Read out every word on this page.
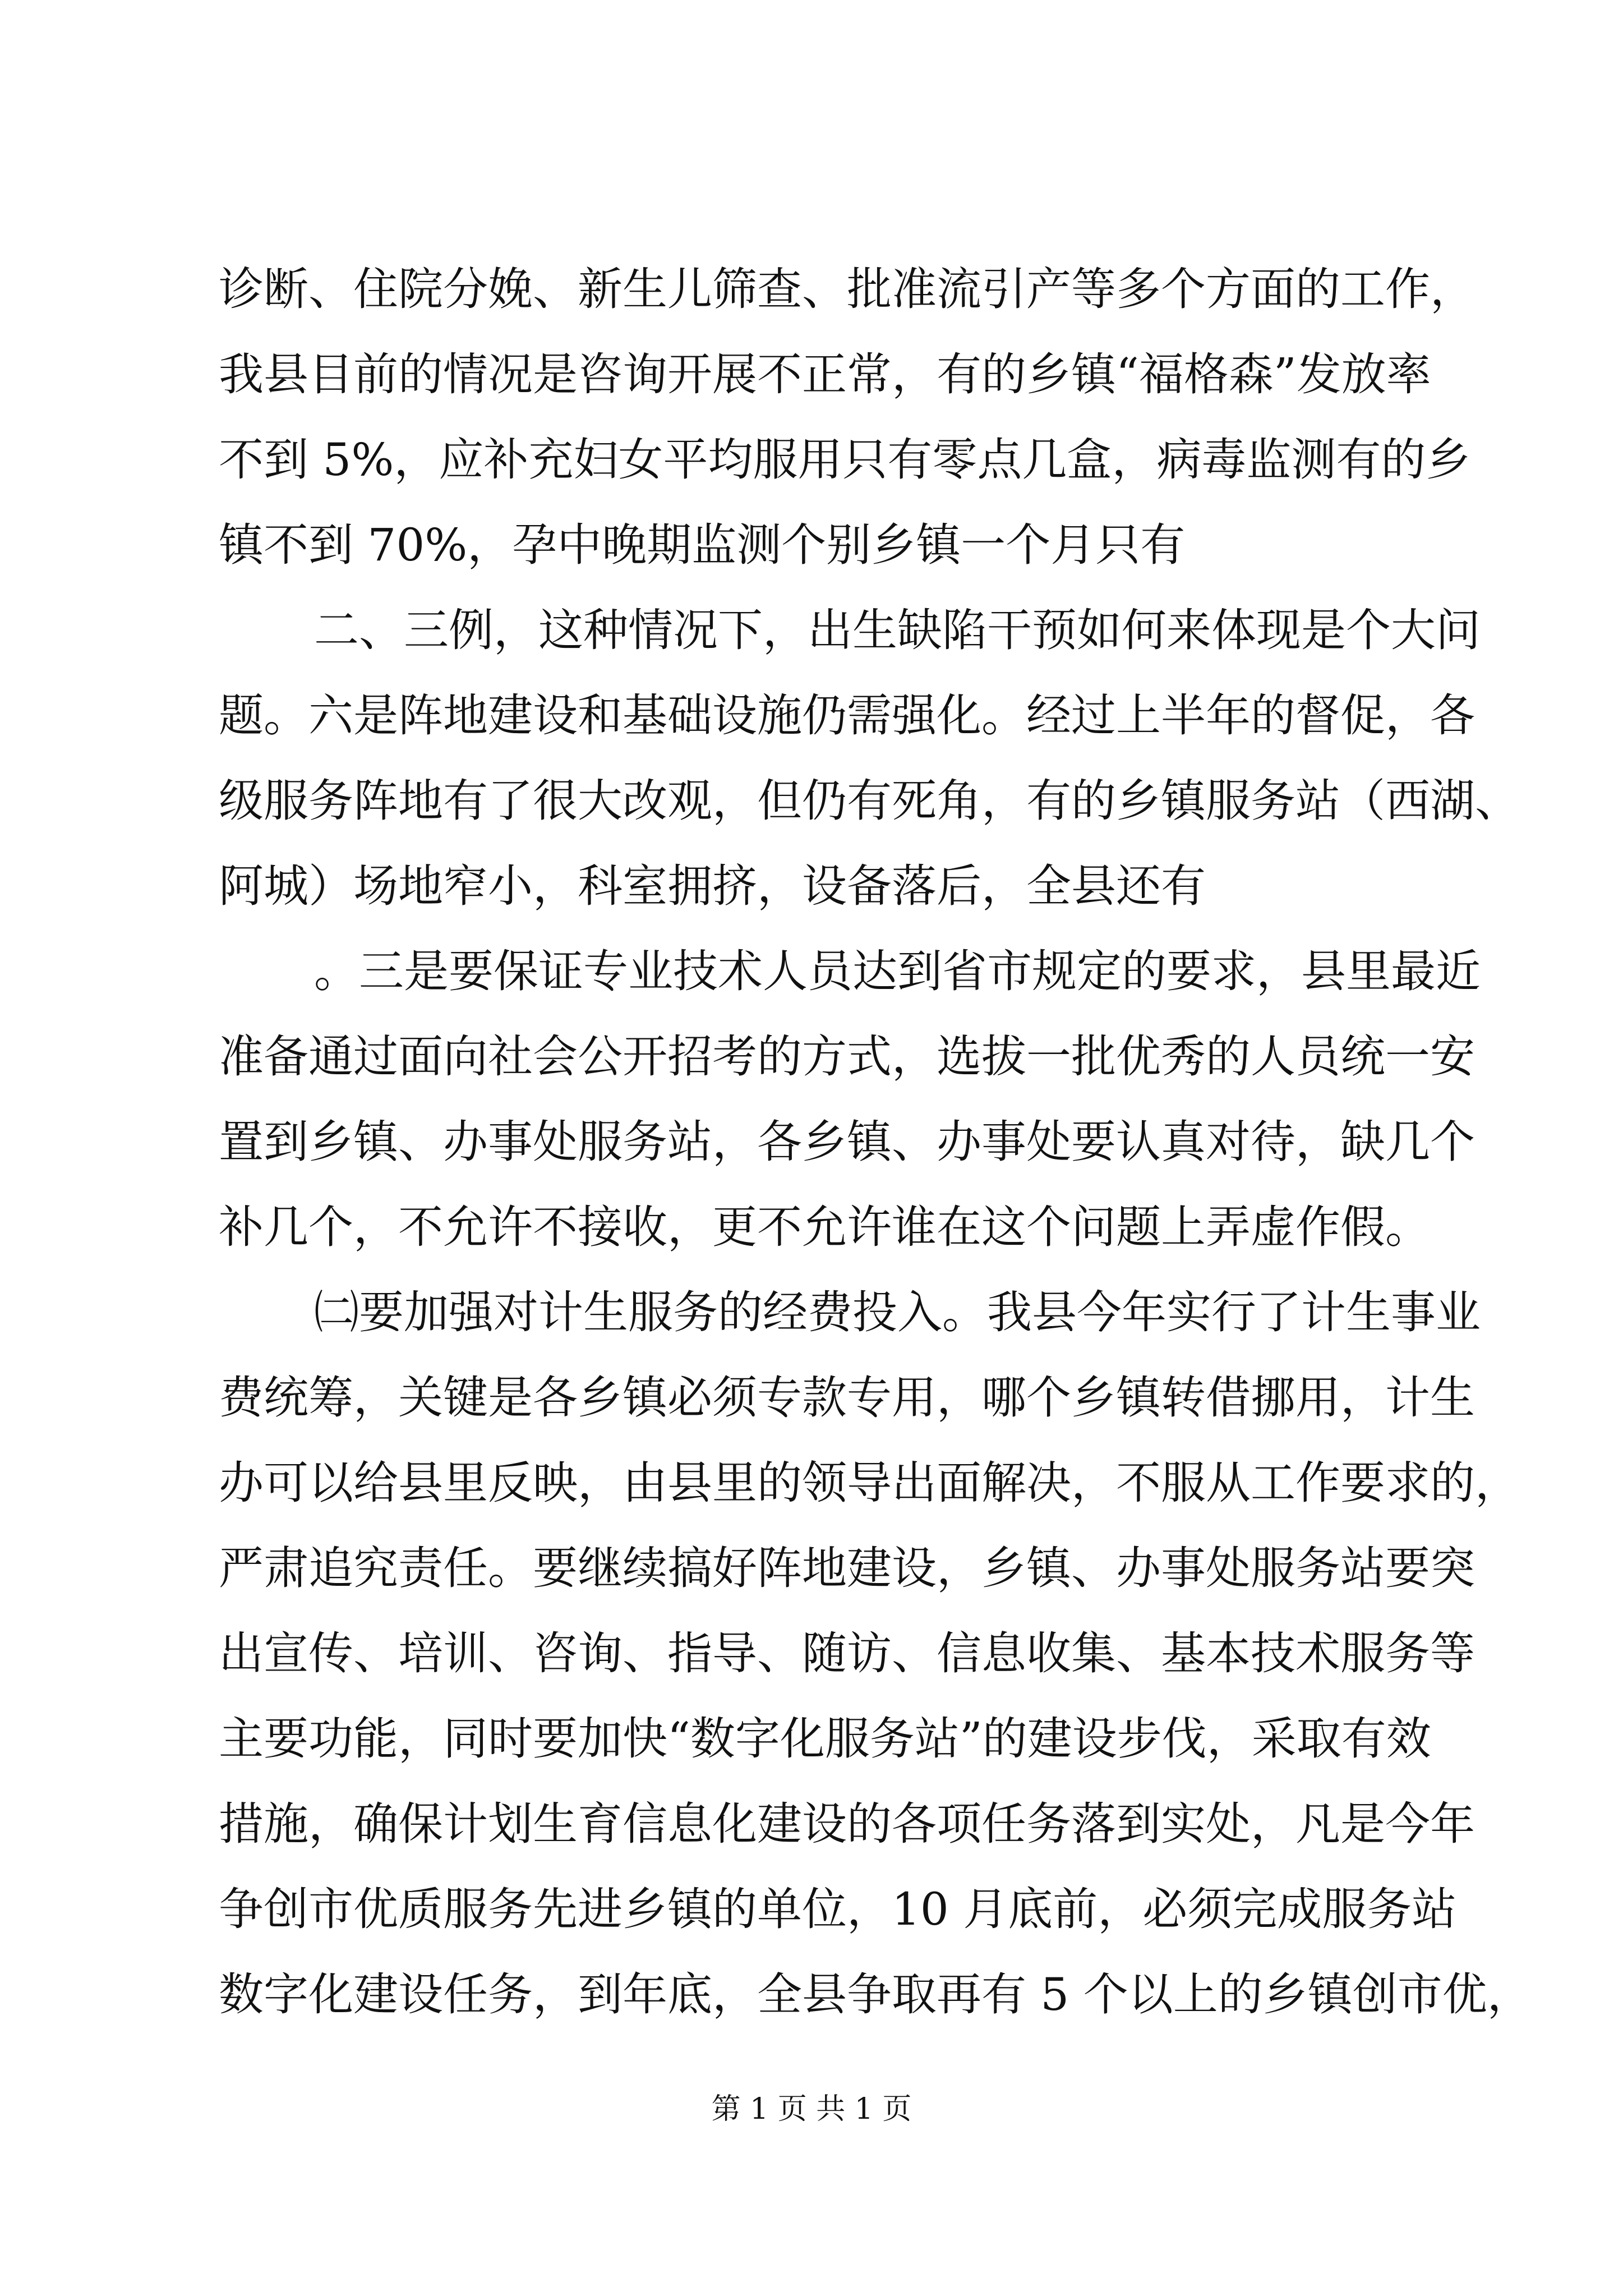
诊断、住院分娩、新生儿筛查、批准流引产等多个方面的工作，
我县目前的情况是咨询开展不正常，有的乡镇“福格森”发放率
不到 5%，应补充妇女平均服用只有零点几盒，病毒监测有的乡
镇不到 70%，孕中晚期监测个别乡镇一个月只有
二、三例，这种情况下，出生缺陷干预如何来体现是个大问
题。六是阵地建设和基础设施仍需强化。经过上半年的督促，各
级服务阵地有了很大改观，但仍有死角，有的乡镇服务站（西湖、
阿城）场地窄小，科室拥挤，设备落后，全县还有
。三是要保证专业技术人员达到省市规定的要求，县里最近
准备通过面向社会公开招考的方式，选拔一批优秀的人员统一安
置到乡镇、办事处服务站，各乡镇、办事处要认真对待，缺几个
补几个，不允许不接收，更不允许谁在这个问题上弄虚作假。
㈡要加强对计生服务的经费投入。我县今年实行了计生事业
费统筹，关键是各乡镇必须专款专用，哪个乡镇转借挪用，计生
办可以给县里反映，由县里的领导出面解决，不服从工作要求的，
严肃追究责任。要继续搞好阵地建设，乡镇、办事处服务站要突
出宣传、培训、咨询、指导、随访、信息收集、基本技术服务等
主要功能，同时要加快“数字化服务站”的建设步伐，采取有效
措施，确保计划生育信息化建设的各项任务落到实处，凡是今年
争创市优质服务先进乡镇的单位，10 月底前，必须完成服务站
数字化建设任务，到年底，全县争取再有 5 个以上的乡镇创市优，
第 1 页 共 1 页
